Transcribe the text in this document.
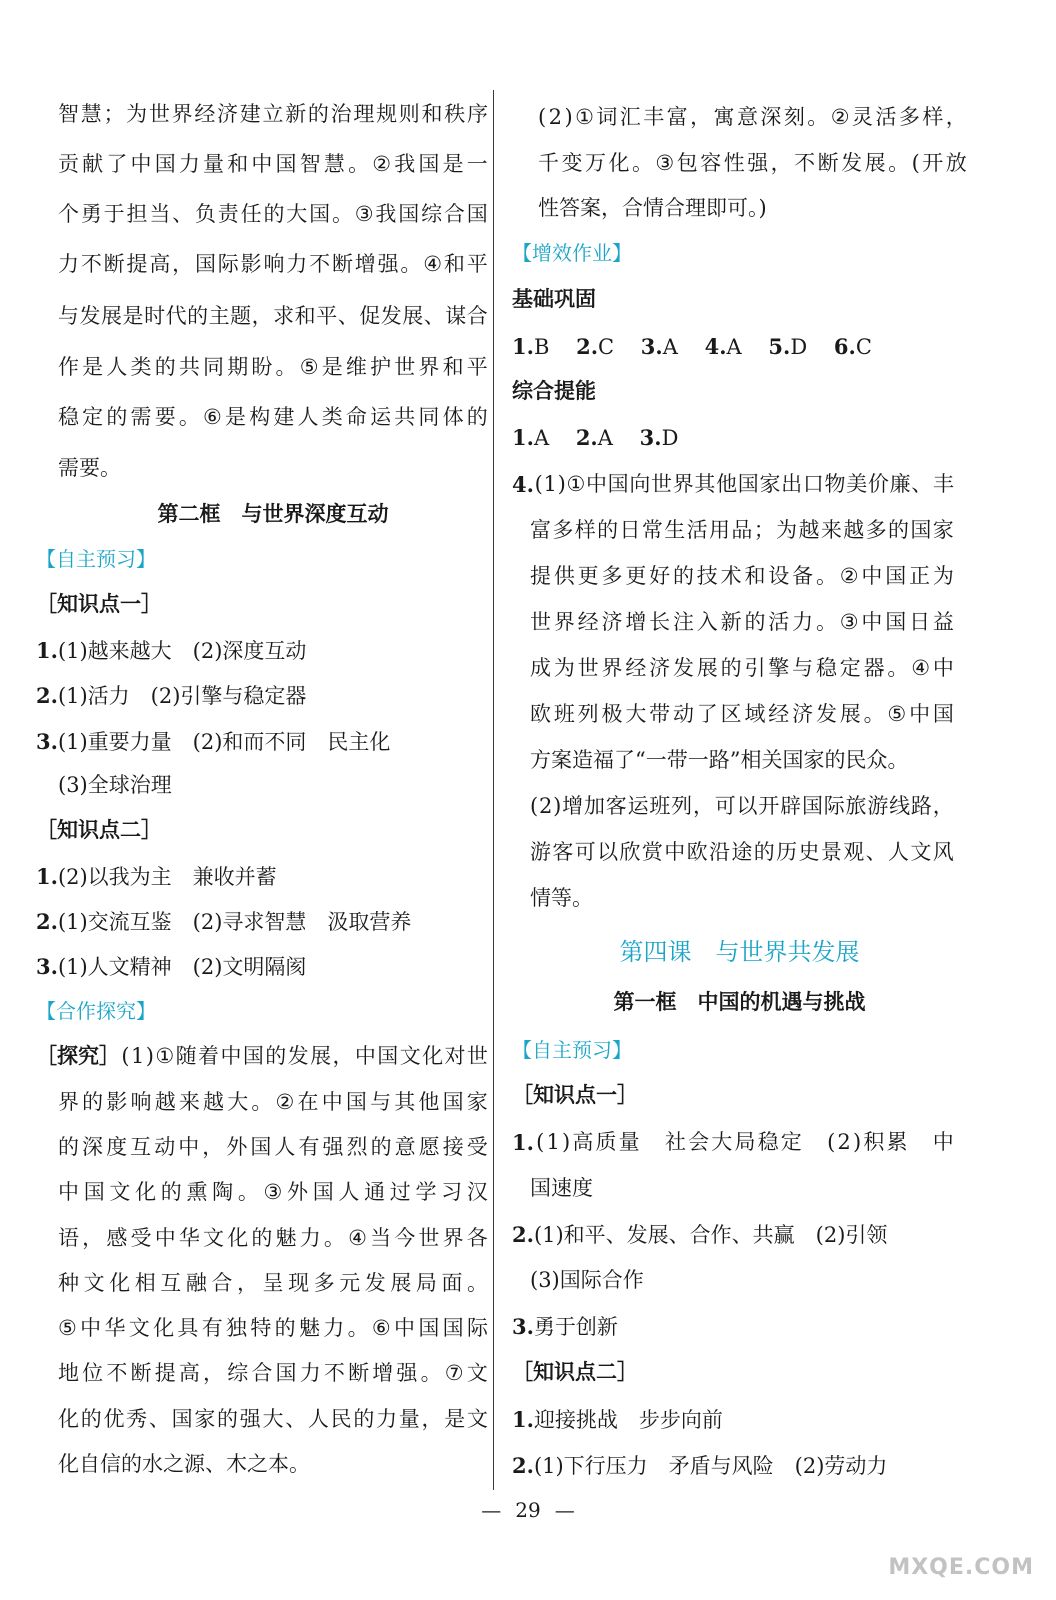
智 慧 ； 为 世 界 经 济 建 立 新 的 治 理 规 则 和 秩 序
贡 献 了 中 国 力 量 和 中 国 智 慧 。 ② 我 国 是 一
个 勇 于 担 当 、 负 责 任 的 大 国 。 ③ 我 国 综 合 国
力 不 断 提 高 ， 国 际 影 响 力 不 断 增 强 。 ④ 和 平
与 发 展 是 时 代 的 主 题 ， 求 和 平 、 促 发 展 、 谋 合
作 是 人 类 的 共 同 期 盼 。 ⑤ 是 维 护 世 界 和 平
稳 定 的 需 要 。 ⑥ 是 构 建 人 类 命 运 共 同 体 的
需要。
第二框　与世界深度互动
【自主预习】
［知识点一］
1.(1)越来越大　(2)深度互动
2.(1)活力　(2)引擎与稳定器
3.(1)重要力量　(2)和而不同　民主化
(3)全球治理
［知识点二］
1.(2)以我为主　兼收并蓄
2.(1)交流互鉴　(2)寻求智慧　汲取营养
3.(1)人文精神　(2)文明隔阂
【合作探究】
［探究］ ( 1 ) ① 随 着 中 国 的 发 展 ， 中 国 文 化 对 世
界 的 影 响 越 来 越 大 。 ② 在 中 国 与 其 他 国 家
的 深 度 互 动 中 ， 外 国 人 有 强 烈 的 意 愿 接 受
中 国 文 化 的 熏 陶 。 ③ 外 国 人 通 过 学 习 汉
语 ， 感 受 中 华 文 化 的 魅 力 。 ④ 当 今 世 界 各
种 文 化 相 互 融 合 ， 呈 现 多 元 发 展 局 面 。
⑤ 中 华 文 化 具 有 独 特 的 魅 力 。 ⑥ 中 国 国 际
地 位 不 断 提 高 ， 综 合 国 力 不 断 增 强 。 ⑦ 文
化 的 优 秀 、 国 家 的 强 大 、 人 民 的 力 量 ， 是 文
化自信的水之源、木之本。
( 2 ) ① 词 汇 丰 富 ， 寓 意 深 刻 。 ② 灵 活 多 样 ，
千 变 万 化 。 ③ 包 容 性 强 ， 不 断 发 展 。 ( 开 放
性答案，合情合理即可。)
【增效作业】
基础巩固
1.B 2.C 3.A 4.A 5.D 6.C
综合提能
1.A 2.A 3.D
4. ( 1 ) ① 中 国 向 世 界 其 他 国 家 出 口 物 美 价 廉 、 丰
富 多 样 的 日 常 生 活 用 品 ； 为 越 来 越 多 的 国 家
提 供 更 多 更 好 的 技 术 和 设 备 。 ② 中 国 正 为
世 界 经 济 增 长 注 入 新 的 活 力 。 ③ 中 国 日 益
成 为 世 界 经 济 发 展 的 引 擎 与 稳 定 器 。 ④ 中
欧 班 列 极 大 带 动 了 区 域 经 济 发 展 。 ⑤ 中 国
方案造福了“一带一路”相关国家的民众。
( 2 ) 增 加 客 运 班 列 ， 可 以 开 辟 国 际 旅 游 线 路 ，
游 客 可 以 欣 赏 中 欧 沿 途 的 历 史 景 观 、 人 文 风
情等。
第四课　与世界共发展
第一框　中国的机遇与挑战
【自主预习】
［知识点一］
1. ( 1 ) 高 质 量
　 社 会 大 局 稳 定
　 ( 2 ) 积 累
　 中
国速度
2.(1)和平、发展、合作、共赢　(2)引领
(3)国际合作
3.勇于创新
［知识点二］
1.迎接挑战　步步向前
2.(1)下行压力　矛盾与风险　(2)劳动力
— 29 —
MXQE.COM
